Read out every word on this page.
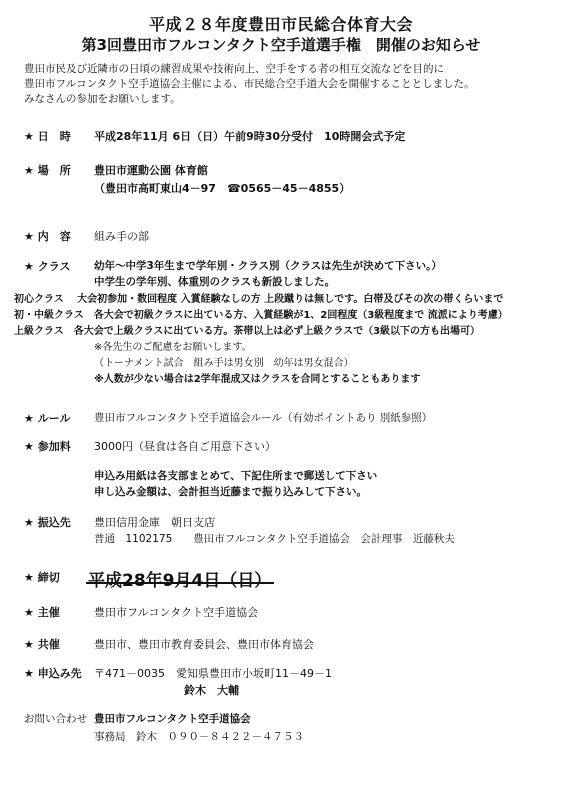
平成２８年度豊田市民総合体育大会
第3回豊田市フルコンタクト空手道選手権　開催のお知らせ
豊田市民及び近隣市の日頃の練習成果や技術向上、空手をする者の相互交流などを目的に
豊田市フルコンタクト空手道協会主催による、市民総合空手道大会を開催することとしました。
みなさんの参加をお願いします。
★ 日　時	平成28年11月 6日（日）午前9時30分受付　10時開会式予定
★ 場　所	豊田市運動公園 体育館
（豊田市高町東山4－97　☎0565－45－4855）
★ 内　容	組み手の部
★ クラス	幼年～中学3年生まで学年別・クラス別（クラスは先生が決めて下さい。）
中学生の学年別、体重別のクラスも新設しました。
初心クラス　 大会初参加・数回程度 入賞経験なしの方 上段蹴りは無しです。白帯及びその次の帯くらいまで
初・中級クラス　各大会で初級クラスに出ている方、入賞経験が1、2回程度（3級程度まで 流派により考慮）
上級クラス　各大会で上級クラスに出ている方。茶帯以上は必ず上級クラスで（3級以下の方も出場可）
※各先生のご配慮をお願いします。
（トーナメント試合　組み手は男女別　幼年は男女混合）
※人数が少ない場合は2学年混成又はクラスを合同とすることもあります
★ ルール	豊田市フルコンタクト空手道協会ルール（有効ポイントあり 別紙参照）
★ 参加料	3000円（昼食は各自ご用意下さい）
申込み用紙は各支部まとめて、下記住所まで郵送して下さい
申し込み金額は、会計担当近藤まで振り込みして下さい。
★ 振込先	豊田信用金庫　朝日支店
普通　1102175　　豊田市フルコンタクト空手道協会　会計理事　近藤秋夫
★ 締切	平成28年9月4日（日）
★ 主催	豊田市フルコンタクト空手道協会
★ 共催	豊田市、豊田市教育委員会、豊田市体育協会
★ 申込み先	〒471－0035　愛知県豊田市小坂町11－49－1
鈴木　大輔
お問い合わせ 豊田市フルコンタクト空手道協会
事務局　鈴木　０９０－８４２２－４７５３
